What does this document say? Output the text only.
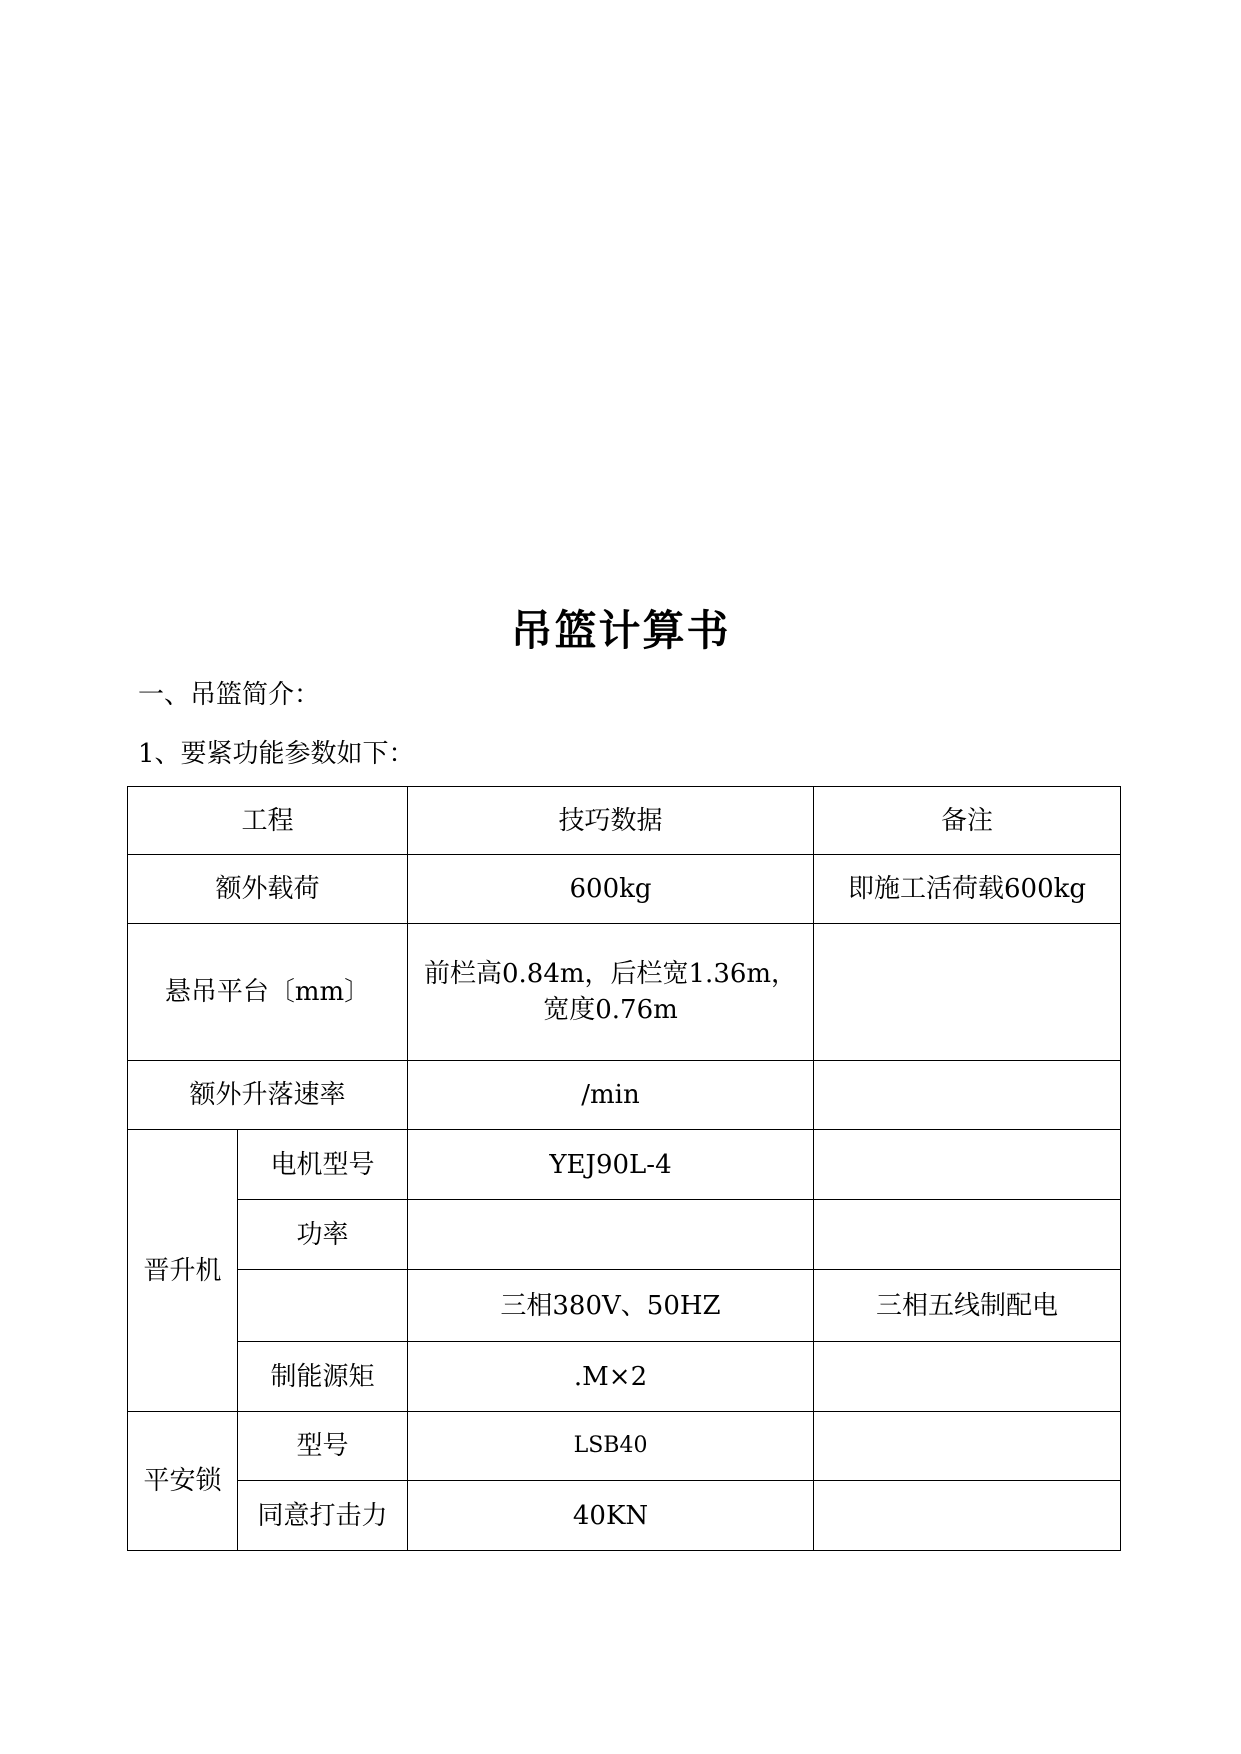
吊篮计算书
一、吊篮简介：
1、要紧功能参数如下：
工程		技巧数据	备注
额外载荷		600kg	即施工活荷载600kg
悬吊平台〔mm〕		前栏高0.84m，后栏宽1.36m，
宽度0.76m	

额外升落速率		/min	
晋升机	电机型号	YEJ90L-4	
	功率		
		三相380V、50HZ	三相五线制配电
	制能源矩	.M×2	
平安锁	型号	LSB40	
	同意打击力	40KN	
